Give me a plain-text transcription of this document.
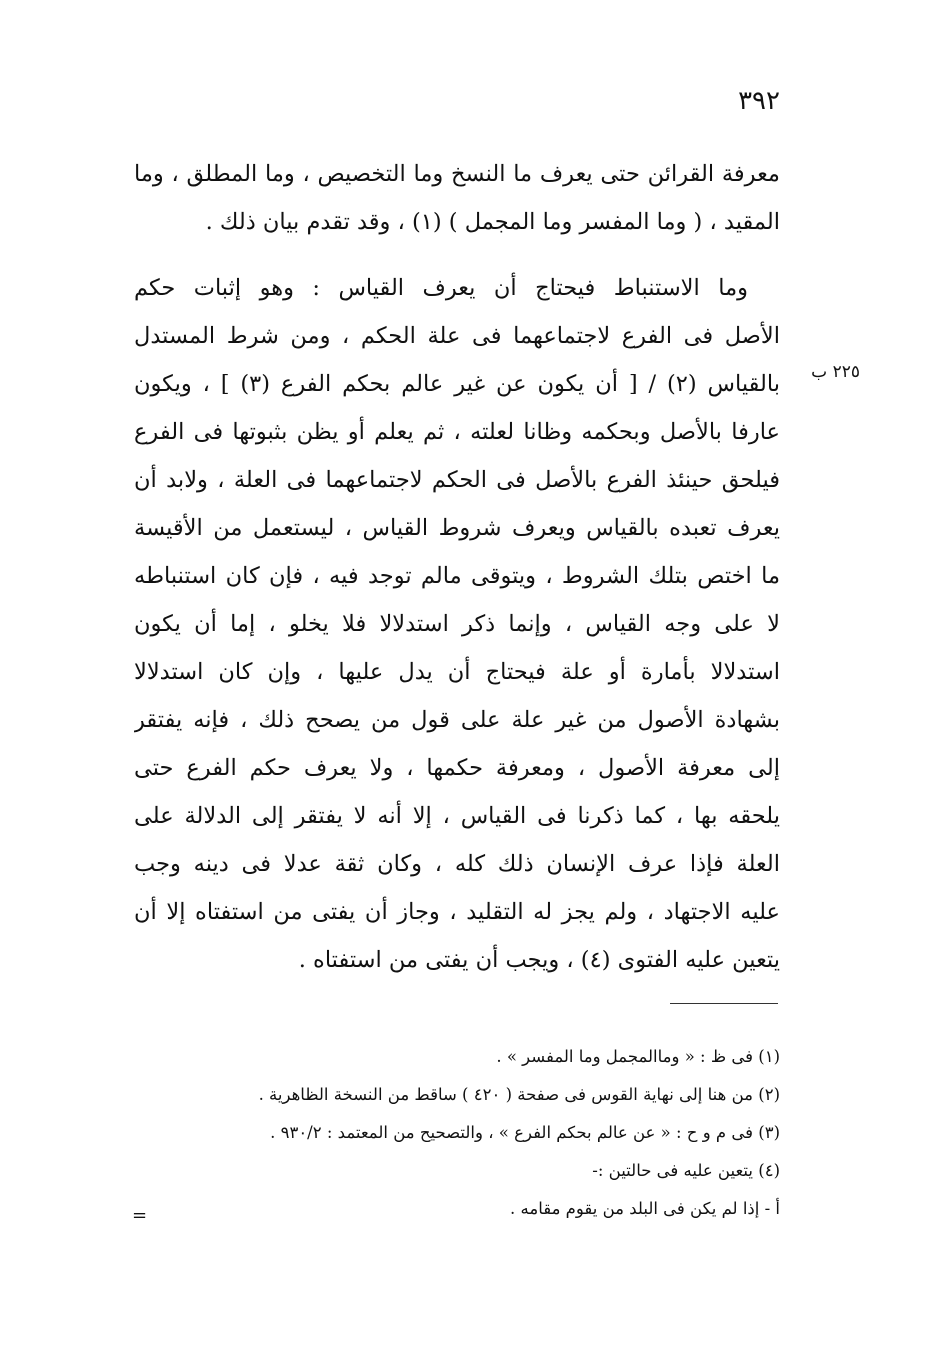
٣٩٢
٢٢٥ ب
معرفة القرائن حتى يعرف ما النسخ وما التخصيص ، وما المطلق ، وما
المقيد ، ( وما المفسر وما المجمل ) (١) ، وقد تقدم بيان ذلك .
وما الاستنباط فيحتاج أن يعرف القياس : وهو إثبات حكم
الأصل فى الفرع لاجتماعهما فى علة الحكم ، ومن شرط المستدل
بالقياس (٢) / [ أن يكون عن غير عالم بحكم الفرع (٣) ] ، ويكون
عارفا بالأصل وبحكمه وظانا لعلته ، ثم يعلم أو يظن بثبوتها فى الفرع
فيلحق حينئذ الفرع بالأصل فى الحكم لاجتماعهما فى العلة ، ولابد أن
يعرف تعبده بالقياس ويعرف شروط القياس ، ليستعمل من الأقيسة
ما اختص بتلك الشروط ، ويتوقى مالم توجد فيه ، فإن كان استنباطه
لا على وجه القياس ، وإنما ذكر استدلالا فلا يخلو ، إما أن يكون
استدلالا بأمارة أو علة فيحتاج أن يدل عليها ، وإن كان استدلالا
بشهادة الأصول من غير علة على قول من يصحح ذلك ، فإنه يفتقر
إلى معرفة الأصول ، ومعرفة حكمها ، ولا يعرف حكم الفرع حتى
يلحقه بها ، كما ذكرنا فى القياس ، إلا أنه لا يفتقر إلى الدلالة على
العلة فإذا عرف الإنسان ذلك كله ، وكان ثقة عدلا فى دينه وجب
عليه الاجتهاد ، ولم يجز له التقليد ، وجاز أن يفتى من استفتاه إلا أن
يتعين عليه الفتوى (٤) ، ويجب أن يفتى من استفتاه .
(١) فى ظ : « وماالمجمل وما المفسر » .
(٢) من هنا إلى نهاية القوس فى صفحة ( ٤٢٠ ) ساقط من النسخة الظاهرية .
(٣) فى م و ح : « عن عالم بحكم الفرع » ، والتصحيح من المعتمد : ٩٣٠/٢ .
(٤) يتعين عليه فى حالتين :-
أ - إذا لم يكن فى البلد من يقوم مقامه .
=
